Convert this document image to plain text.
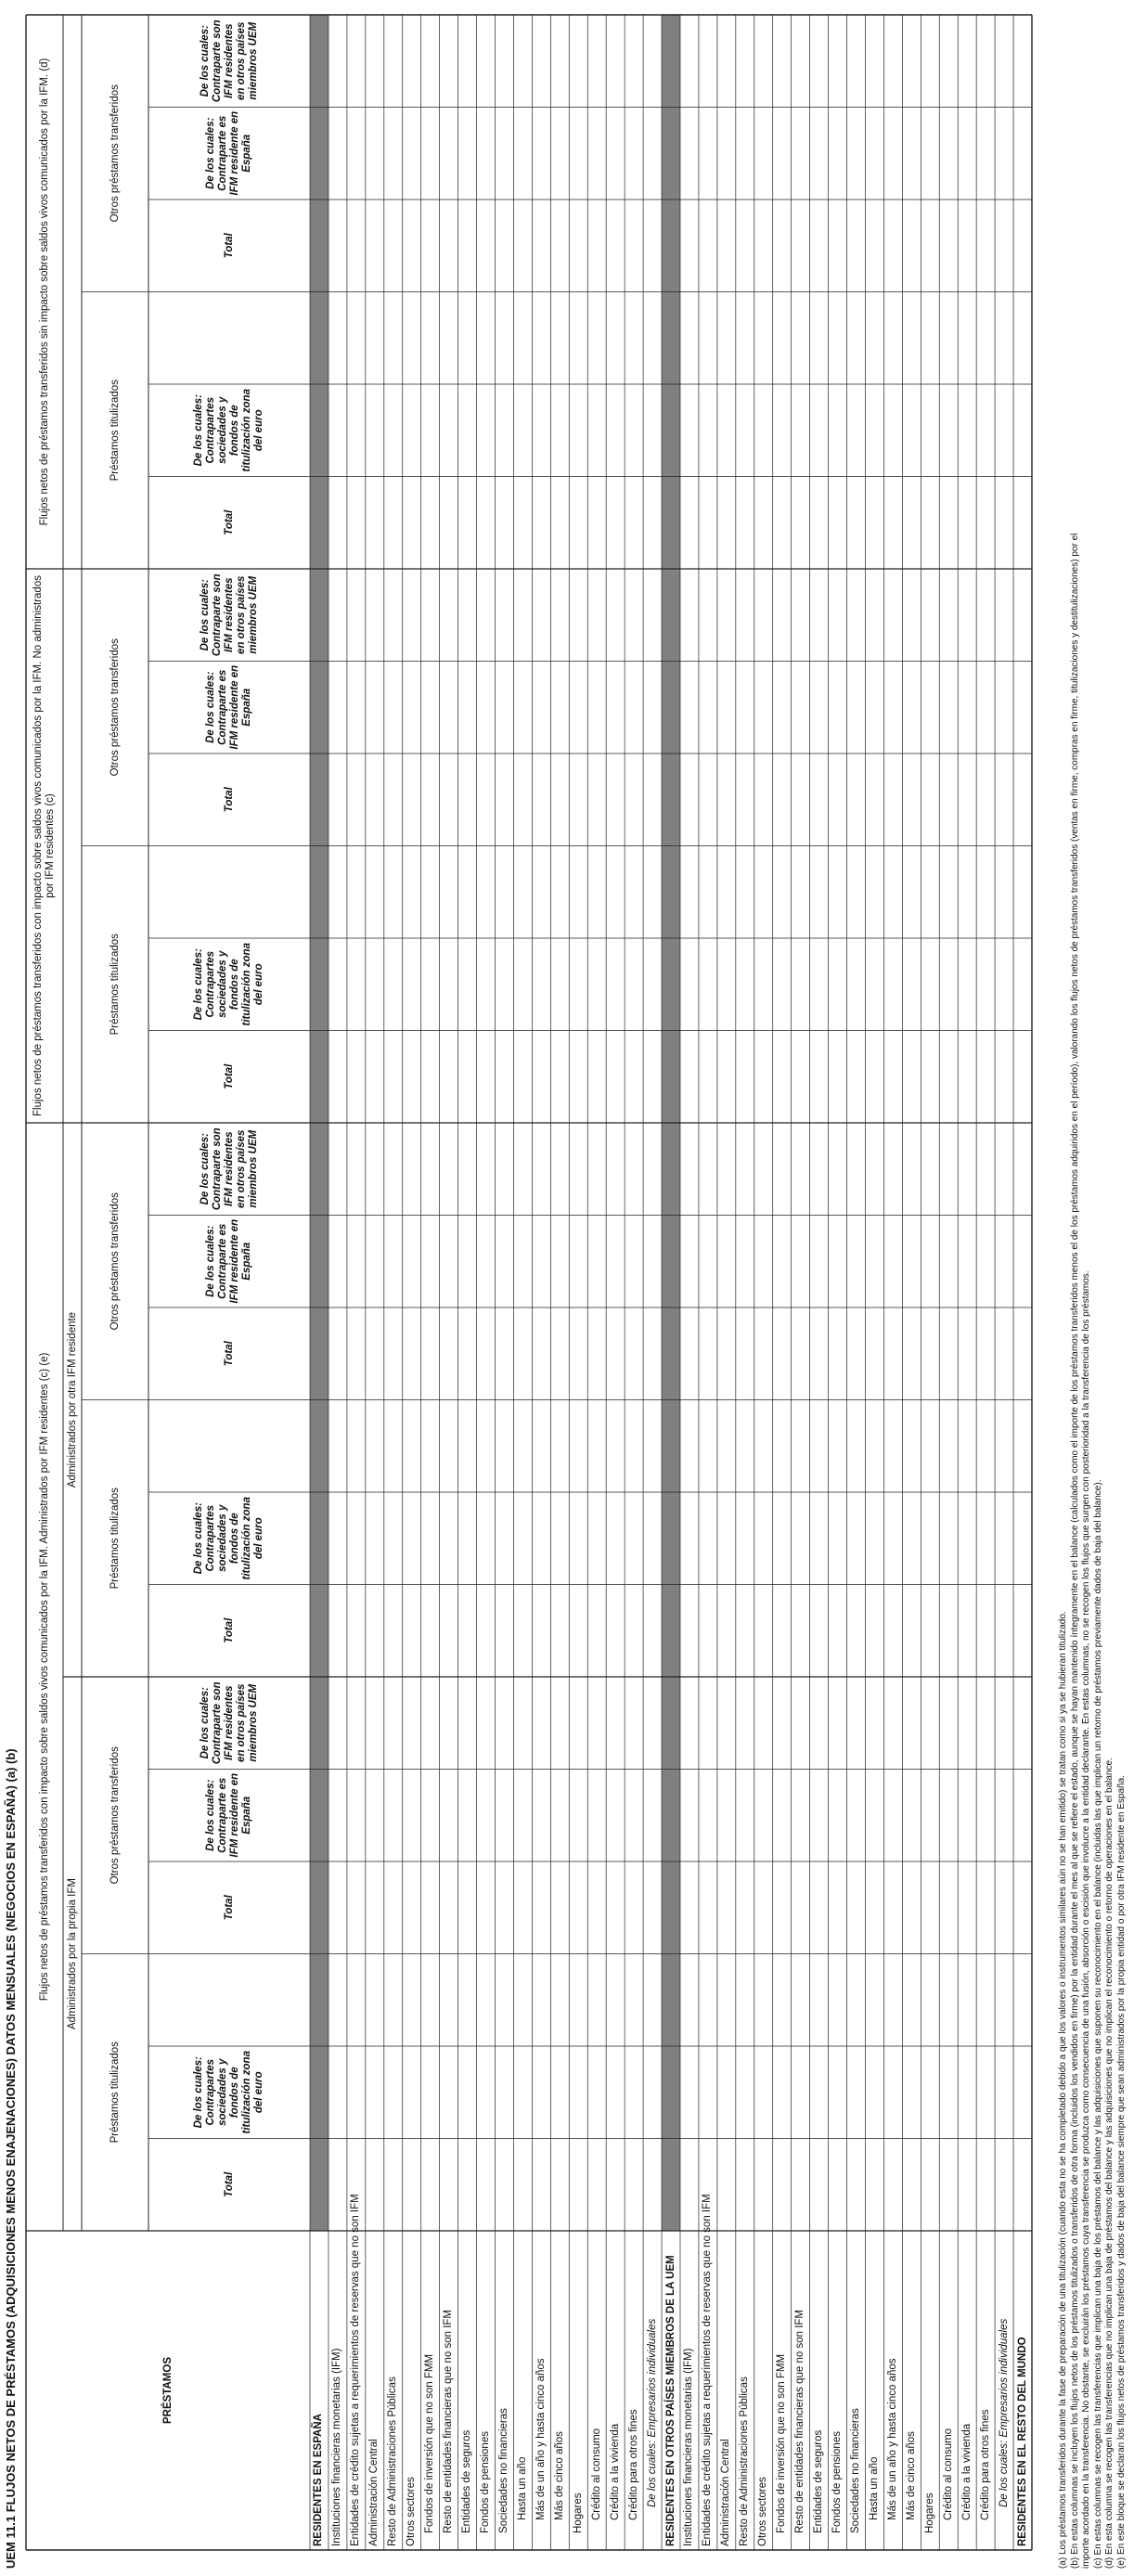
UEM 11.1 FLUJOS NETOS DE PRÉSTAMOS (ADQUISICIONES MENOS ENAJENACIONES) DATOS MENSUALES (NEGOCIOS EN ESPAÑA) (a) (b)	PRÉSTAMOS
Flujos netos de préstamos transferidos con impacto sobre saldos vivos comunicados por la IFM. Administrados por IFM residentes (c) (e)
Flujos netos de préstamos transferidos con impacto sobre saldos vivos comunicados por la IFM. No administrados por IFM residentes (c)
Flujos netos de préstamos transferidos sin impacto sobre saldos vivos comunicados por la IFM. (d)
Administrados por la propia IFM
Administrados por otra IFM residente
Préstamos titulizados
Total
De los cuales: Contrapartes sociedades y fondos de titulización zona del euro
Otros préstamos transferidos
Total
De los cuales: Contraparte es IFM residente en España
De los cuales: Contraparte son IFM residentes en otros países miembros UEM
Préstamos titulizados
Total
De los cuales: Contrapartes sociedades y fondos de titulización zona del euro
Otros préstamos transferidos
Total
De los cuales: Contraparte es IFM residente en España
De los cuales: Contraparte son IFM residentes en otros países miembros UEM
Préstamos titulizados
Total
De los cuales: Contrapartes sociedades y fondos de titulización zona del euro
Otros préstamos transferidos
Total
De los cuales: Contraparte es IFM residente en España
De los cuales: Contraparte son IFM residentes en otros países miembros UEM
Préstamos titulizados
Total
De los cuales: Contrapartes sociedades y fondos de titulización zona del euro
Otros préstamos transferidos
Total
De los cuales: Contraparte es IFM residente en España
De los cuales: Contraparte son IFM residentes en otros países miembros UEM
RESIDENTES EN ESPAÑA Instituciones financieras monetarias (IFM) Entidades de crédito sujetas a requerimientos de reservas que no son IFM Administración Central Resto de Administraciones Públicas Otros sectores Fondos de inversión que no son FMM Resto de entidades financieras que no son IFM Entidades de seguros Fondos de pensiones Sociedades no financieras Hasta un año Más de un año y hasta cinco años Más de cinco años Hogares Crédito al consumo Crédito a la vivienda Crédito para otros fines De los cuales: Empresarios individuales RESIDENTES EN OTROS PAÍSES MIEMBROS DE LA UEM Instituciones financieras monetarias (IFM) Entidades de crédito sujetas a requerimientos de reservas que no son IFM Administración Central Resto de Administraciones Públicas Otros sectores Fondos de inversión que no son FMM Resto de entidades financieras que no son IFM Entidades de seguros Fondos de pensiones Sociedades no financieras Hasta un año Más de un año y hasta cinco años Más de cinco años Hogares Crédito al consumo Crédito a la vivienda Crédito para otros fines De los cuales: Empresarios individuales RESIDENTES EN EL RESTO DEL MUNDO	(a) Los préstamos transferidos durante la fase de preparación de una titulización (cuando esta no se ha completado debido a que los valores o instrumentos similares aún no se han emitido) se tratan como si ya se hubieran titulizado. (b) En estas columnas se incluyen los flujos netos de los préstamos titulizados o transferidos de otra forma (incluidos los vendidos en firme) por la entidad durante el mes al que se refiere el estado, aunque se hayan mantenido íntegramente en el balance (calculados como el importe de los préstamos transferidos menos el de los préstamos adquiridos en el período), valorando los flujos netos de préstamos transferidos (ventas en firme, compras en firme, titulizaciones y destitulizaciones) por el importe acordado en la transferencia. No obstante, se excluirán los préstamos cuya transferencia se produzca como consecuencia de una fusión, absorción o escisión que involucre a la entidad declarante. En estas columnas, no se recogen los flujos que surgen con posterioridad a la transferencia de los préstamos. (c) En estas columnas se recogen las transferencias que implican una baja de los préstamos del balance y las adquisiciones que suponen su reconocimiento en el balance (incluidas las que implican un retorno de préstamos previamente dados de baja del balance). (d) En esta columna se recogen las transferencias que no implican una baja de préstamos del balance y las adquisiciones que no implican el reconocimiento o retorno de operaciones en el balance. (e) En este bloque se declaran los flujos netos de préstamos transferidos y dados de baja del balance siempre que sean administrados por la propia entidad o por otra IFM residente en España.
